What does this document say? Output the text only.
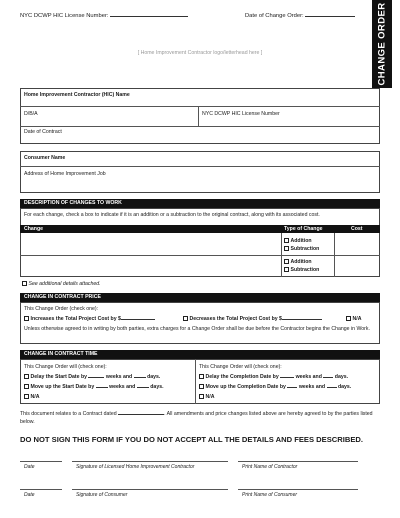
NYC DCWP HIC License Number:	Date of Change Order:	CHANGE ORDER
[ Home Improvement Contractor logo/letterhead here ]
Home Improvement Contractor (HIC) Name
D/B/A	NYC DCWP HIC License Number
Date of Contract
Consumer Name
Address of Home Improvement Job
DESCRIPTION OF CHANGES TO WORK
For each change, check a box to indicate if it is an addition or a subtraction to the original contract, along with its associated cost.
Change	Type of Change	Cost
Addition
Subtraction
Addition
Subtraction
See additional details attached.
CHANGE IN CONTRACT PRICE
This Change Order (check one):
Increases the Total Project Cost by $	Decreases the Total Project Cost by $	N/A
Unless otherwise agreed to in writing by both parties, extra charges for a Change Order shall be due before the Contractor begins the Change in Work.
CHANGE IN CONTRACT TIME
This Change Order will (check one):
Delay the Start Date by	weeks and	days.
Move up the Start Date by	weeks and	days.
N/A
This Change Order will (check one):
Delay the Completion Date by	weeks and days.
Move up the Completion Date by weeks and days.
N/A
This document relates to a Contract dated	. All amendments and price changes listed above are hereby agreed to by the parties listed below.
DO NOT SIGN THIS FORM IF YOU DO NOT ACCEPT ALL THE DETAILS AND FEES DESCRIBED.
Date	Signature of Licensed Home Improvement Contractor	Print Name of Contractor
Date	Signature of Consumer	Print Name of Consumer
